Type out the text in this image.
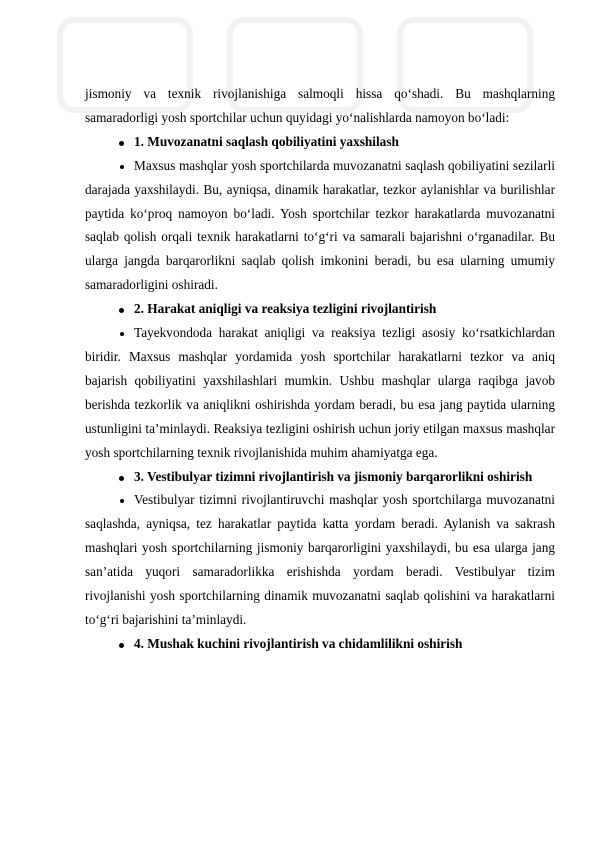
jismoniy va texnik rivojlanishiga salmoqli hissa qo‘shadi. Bu mashqlarning samaradorligi yosh sportchilar uchun quyidagi yo‘nalishlarda namoyon bo‘ladi:

1. Muvozanatni saqlash qobiliyatini yaxshilash

Maxsus mashqlar yosh sportchilarda muvozanatni saqlash qobiliyatini sezilarli darajada yaxshilaydi. Bu, ayniqsa, dinamik harakatlar, tezkor aylanishlar va burilishlar paytida ko‘proq namoyon bo‘ladi. Yosh sportchilar tezkor harakatlarda muvozanatni saqlab qolish orqali texnik harakatlarni to‘g‘ri va samarali bajarishni o‘rganadilar. Bu ularga jangda barqarorlikni saqlab qolish imkonini beradi, bu esa ularning umumiy samaradorligini oshiradi.

2. Harakat aniqligi va reaksiya tezligini rivojlantirish

Tayekvondoda harakat aniqligi va reaksiya tezligi asosiy ko‘rsatkichlardan biridir. Maxsus mashqlar yordamida yosh sportchilar harakatlarni tezkor va aniq bajarish qobiliyatini yaxshilashlari mumkin. Ushbu mashqlar ularga raqibga javob berishda tezkorlik va aniqlikni oshirishda yordam beradi, bu esa jang paytida ularning ustunligini ta’minlaydi. Reaksiya tezligini oshirish uchun joriy etilgan maxsus mashqlar yosh sportchilarning texnik rivojlanishida muhim ahamiyatga ega.

3. Vestibulyar tizimni rivojlantirish va jismoniy barqarorlikni oshirish

Vestibulyar tizimni rivojlantiruvchi mashqlar yosh sportchilarga muvozanatni saqlashda, ayniqsa, tez harakatlar paytida katta yordam beradi. Aylanish va sakrash mashqlari yosh sportchilarning jismoniy barqarorligini yaxshilaydi, bu esa ularga jang san’atida yuqori samaradorlikka erishishda yordam beradi. Vestibulyar tizim rivojlanishi yosh sportchilarning dinamik muvozanatni saqlab qolishini va harakatlarni to‘g‘ri bajarishini ta’minlaydi.

4. Mushak kuchini rivojlantirish va chidamlilikni oshirish
